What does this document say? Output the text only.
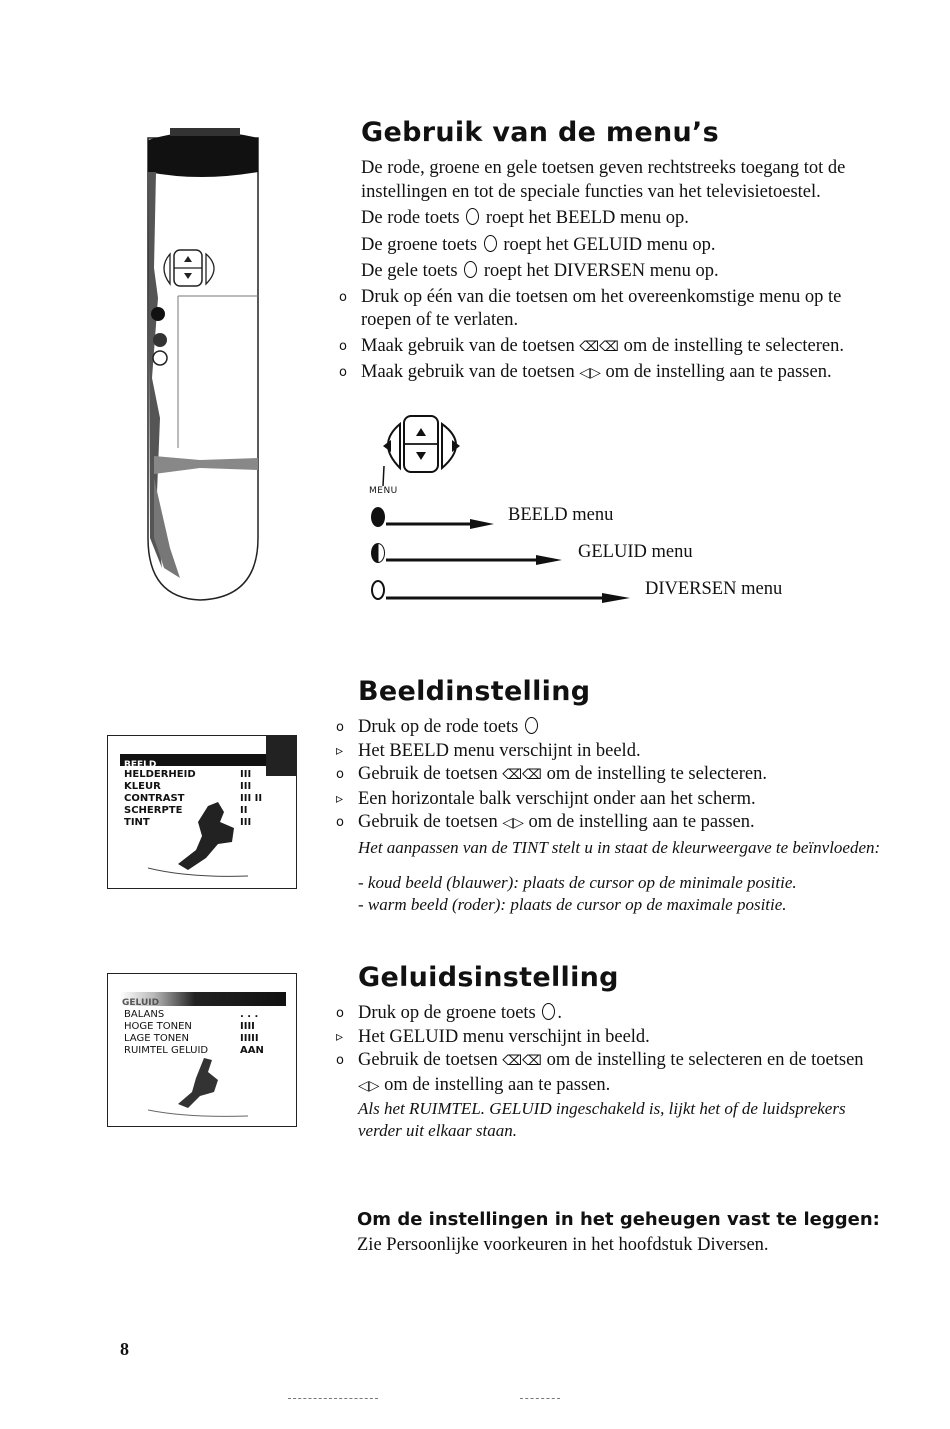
Gebruik van de menu’s
De rode, groene en gele toetsen geven rechtstreeks toegang tot de
instellingen en tot de speciale functies van het televisietoestel.
De rode toets roept het BEELD menu op.
De groene toets roept het GELUID menu op.
De gele toets roept het DIVERSEN menu op.
o
Druk op één van die toetsen om het overeenkomstige menu op te
roepen of te verlaten.
o
Maak gebruik van de toetsen ⌫⌫ om de instelling te selecteren.
o
Maak gebruik van de toetsen ◁▷ om de instelling aan te passen.
MENU
BEELD menu
GELUID menu
DIVERSEN menu
Beeldinstelling
BEELD
HELDERHEID
KLEUR
CONTRAST
SCHERPTE
TINT
III
III
III II
II
III
o
Druk op de rode toets
▹
Het BEELD menu verschijnt in beeld.
o
Gebruik de toetsen ⌫⌫ om de instelling te selecteren.
▹
Een horizontale balk verschijnt onder aan het scherm.
o
Gebruik de toetsen ◁▷ om de instelling aan te passen.
Het aanpassen van de TINT stelt u in staat de kleurweergave te beïnvloeden:
- koud beeld (blauwer): plaats de cursor op de minimale positie.
- warm beeld (roder): plaats de cursor op de maximale positie.
Geluidsinstelling
GELUID
BALANS
HOGE TONEN
LAGE TONEN
RUIMTEL GELUID
. . .
IIII
IIIII
AAN
o
Druk op de groene toets .
▹
Het GELUID menu verschijnt in beeld.
o
Gebruik de toetsen ⌫⌫ om de instelling te selecteren en de toetsen
◁▷ om de instelling aan te passen.
Als het RUIMTEL. GELUID ingeschakeld is, lijkt het of de luidsprekers
verder uit elkaar staan.
Om de instellingen in het geheugen vast te leggen:
Zie Persoonlijke voorkeuren in het hoofdstuk Diversen.
8
